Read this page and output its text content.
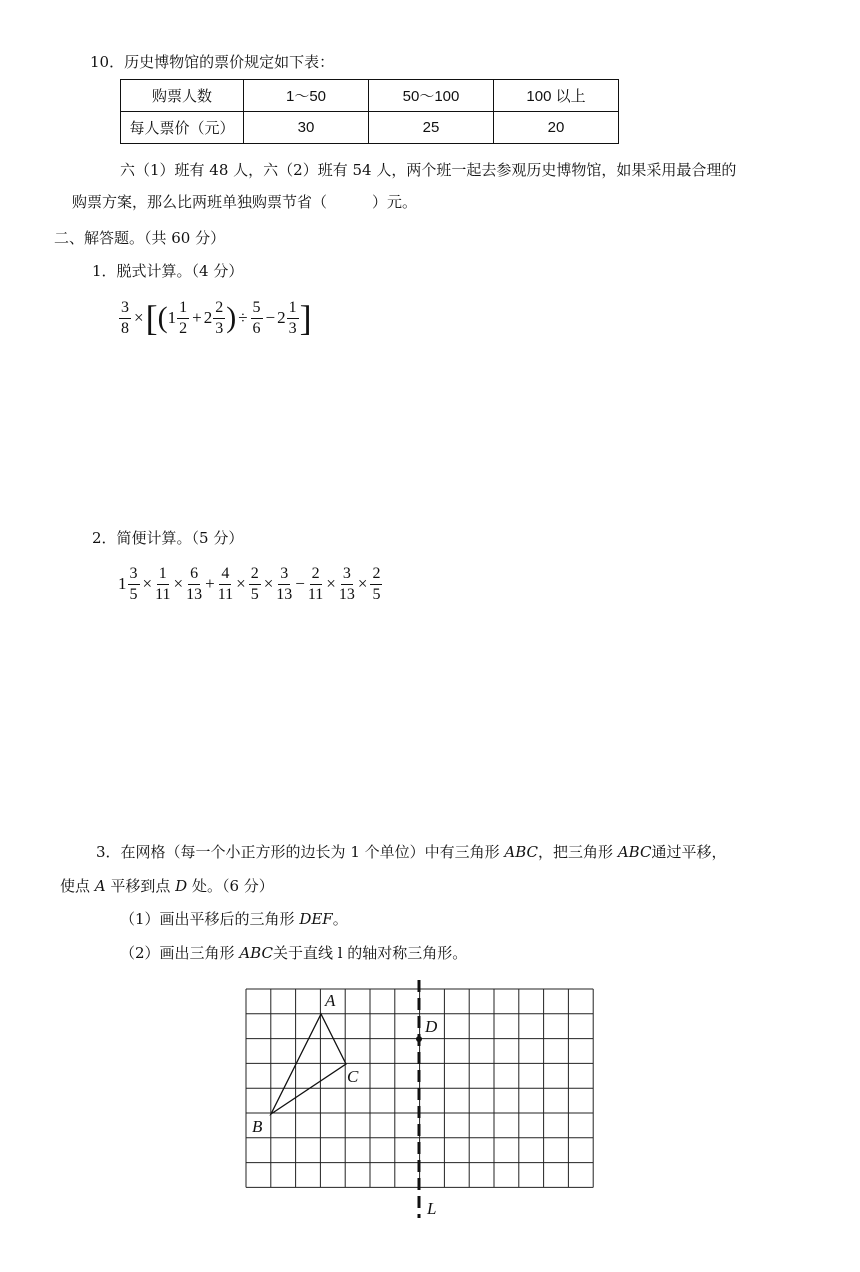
10．历史博物馆的票价规定如下表：
购票人数	1～50	50～100	100 以上
每人票价（元）	30	25	20
六（1）班有 48 人，六（2）班有 54 人，两个班一起去参观历史博物馆，如果采用最合理的
购票方案，那么比两班单独购票节省（　　　）元。
二、解答题。（共 60 分）
1．脱式计算。（4 分）
$\frac{3}{8}$ × [ ( $1 \frac{1}{2} + 2 \frac{2}{3}$ ) ÷ $\frac{5}{6} - 2 \frac{1}{3}$ ]
2．简便计算。（5 分）
$1 \frac{3}{5} \times \frac{1}{11} \times \frac{6}{13} + \frac{4}{11} \times \frac{2}{5} \times \frac{3}{13} - \frac{2}{11} \times \frac{3}{13} \times \frac{2}{5}$
3．在网格（每一个小正方形的边长为 1 个单位）中有三角形 ABC，把三角形 ABC通过平移，
使点 A 平移到点 D 处。（6 分）
（1）画出平移后的三角形 DEF。
（2）画出三角形 ABC关于直线 l 的轴对称三角形。
A
B
C
D
L
